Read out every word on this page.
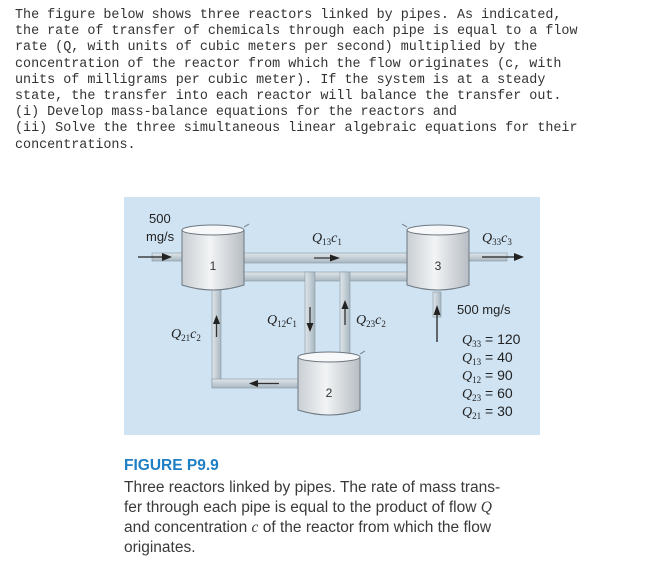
The figure below shows three reactors linked by pipes. As indicated,
the rate of transfer of chemicals through each pipe is equal to a flow
rate (Q, with units of cubic meters per second) multiplied by the
concentration of the reactor from which the flow originates (c, with
units of milligrams per cubic meter). If the system is at a steady
state, the transfer into each reactor will balance the transfer out.
(i) Develop mass-balance equations for the reactors and
(ii) Solve the three simultaneous linear algebraic equations for their
concentrations.
1	3
2
500
mg/s
500 mg/s
$Q_{13}c_1$	$Q_{33}c_3$
$Q_{12}c_1$	$Q_{23}c_2$
$Q_{21}c_2$	$Q_{33} = 120$
$Q_{13} = 40$
$Q_{12} = 90$
$Q_{23} = 60$
$Q_{21} = 30$

FIGURE P9.9

Three reactors linked by pipes. The rate of mass trans-
fer through each pipe is equal to the product of flow Q
and concentration c of the reactor from which the flow
originates.
